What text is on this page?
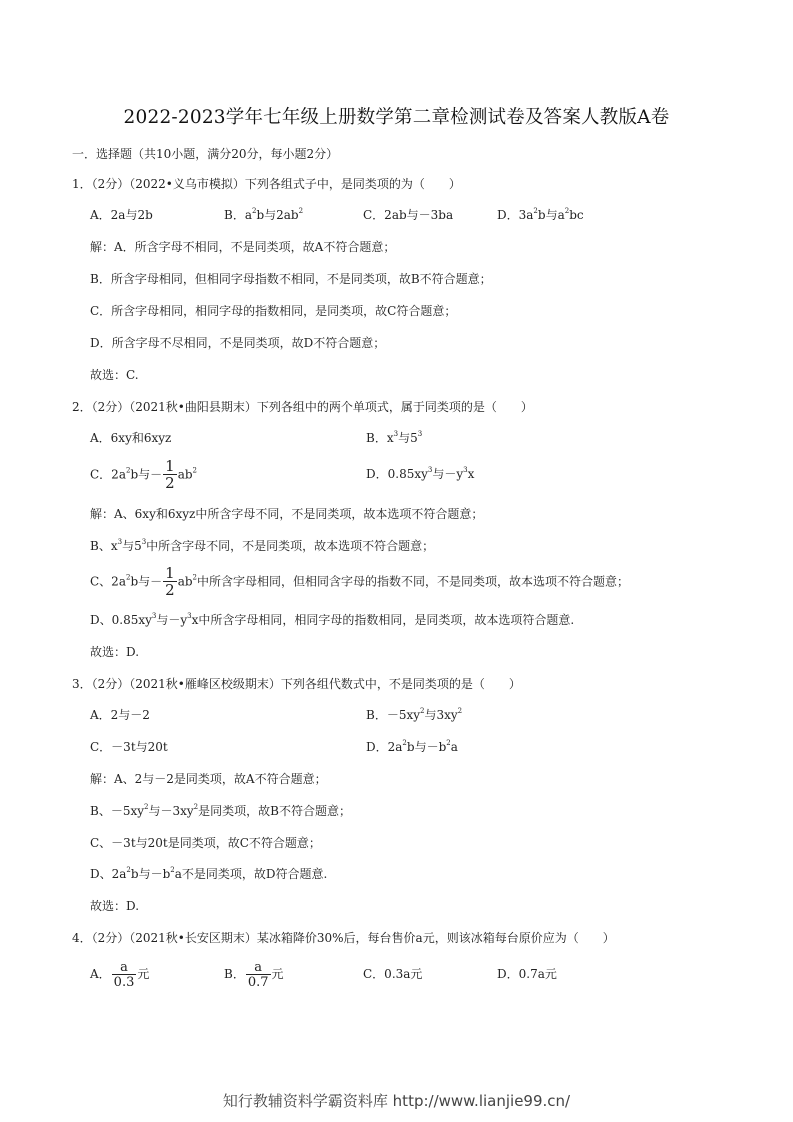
2022-2023学年七年级上册数学第二章检测试卷及答案人教版A卷
一．选择题（共10小题，满分20分，每小题2分）
1．（2分）（2022•义乌市模拟）下列各组式子中，是同类项的为（　　）
A．2a与2b	B．$a^2b$与$2ab^2$	C．2ab与－3ba	D．$3a^2b$与$a^2bc$
解：A．所含字母不相同，不是同类项，故A不符合题意；
B．所含字母相同，但相同字母指数不相同，不是同类项，故B不符合题意；
C．所含字母相同，相同字母的指数相同，是同类项，故C符合题意；
D．所含字母不尽相同，不是同类项，故D不符合题意；
故选：C.
2．（2分）（2021秋•曲阳县期末）下列各组中的两个单项式，属于同类项的是（　　）
A．6xy和6xyz	B．$x^3$与$5^3$
C．$2a^2b$与－ $\frac{1}{2} ab^2$	D．$0.85xy^3$与$-y^3x$
解：A、6xy和6xyz中所含字母不同，不是同类项，故本选项不符合题意；
B、$x^3$与$5^3$中所含字母不同，不是同类项，故本选项不符合题意；
C、$2a^2b$与－ $\frac{1}{2} ab^2$中所含字母相同，但相同含字母的指数不同，不是同类项，故本选项不符合题意；
D、$0.85xy^3$与$-y^3x$中所含字母相同，相同字母的指数相同，是同类项，故本选项符合题意.
故选：D.
3．（2分）（2021秋•雁峰区校级期末）下列各组代数式中，不是同类项的是（　　）
A．2与－2	B．$-5xy^2$与$3xy^2$
C．－3t与20t	D．$2a^2b$与$-b^2a$
解：A、2与－2是同类项，故A不符合题意；
B、$-5xy^2$与$-3xy^2$是同类项，故B不符合题意；
C、－3t与20t是同类项，故C不符合题意；
D、$2a^2b$与$-b^2a$不是同类项，故D符合题意.
故选：D.
4．（2分）（2021秋•长安区期末）某冰箱降价30%后，每台售价a元，则该冰箱每台原价应为（　　）
A． $\frac{a}{0.3}$ 元	B． $\frac{a}{0.7}$ 元	C．0.3a元	D．0.7a元
知行教辅资料学霸资料库 http://www.lianjie99.cn/
